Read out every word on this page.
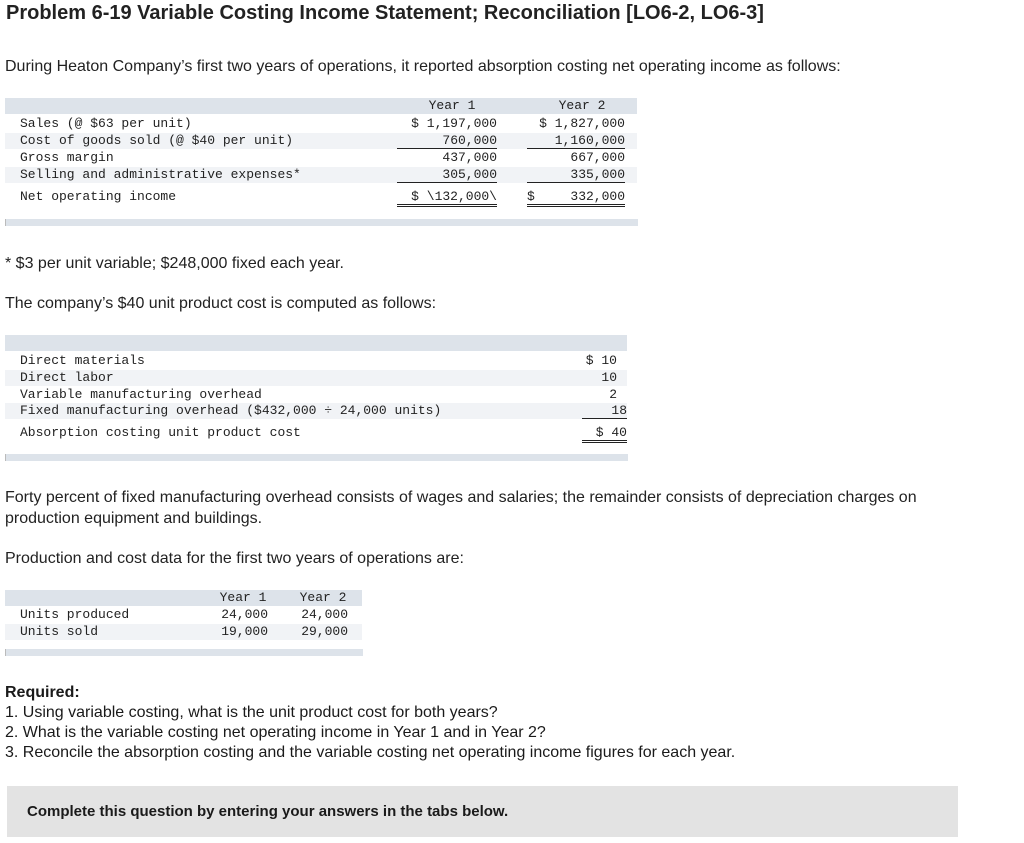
Problem 6-19 Variable Costing Income Statement; Reconciliation [LO6-2, LO6-3]
During Heaton Company’s first two years of operations, it reported absorption costing net operating income as follows:
Year 1	Year 2
Sales (@ $63 per unit)	$ 1,197,000	$ 1,827,000
Cost of goods sold (@ $40 per unit)	760,000	1,160,000
Gross margin	437,000	667,000
Selling and administrative expenses*	305,000	335,000
Net operating income	$ \132,000\ $	332,000
* $3 per unit variable; $248,000 fixed each year.
The company’s $40 unit product cost is computed as follows:
Direct materials	$ 10
Direct labor	10
Variable manufacturing overhead	2
Fixed manufacturing overhead ($432,000 ÷ 24,000 units)	18
Absorption costing unit product cost	$ 40
Forty percent of fixed manufacturing overhead consists of wages and salaries; the remainder consists of depreciation charges on
production equipment and buildings.
Production and cost data for the first two years of operations are:
Year 1	Year 2
Units produced	24,000	24,000
Units sold	19,000	29,000
Required:
1. Using variable costing, what is the unit product cost for both years?
2. What is the variable costing net operating income in Year 1 and in Year 2?
3. Reconcile the absorption costing and the variable costing net operating income figures for each year.
Complete this question by entering your answers in the tabs below.
